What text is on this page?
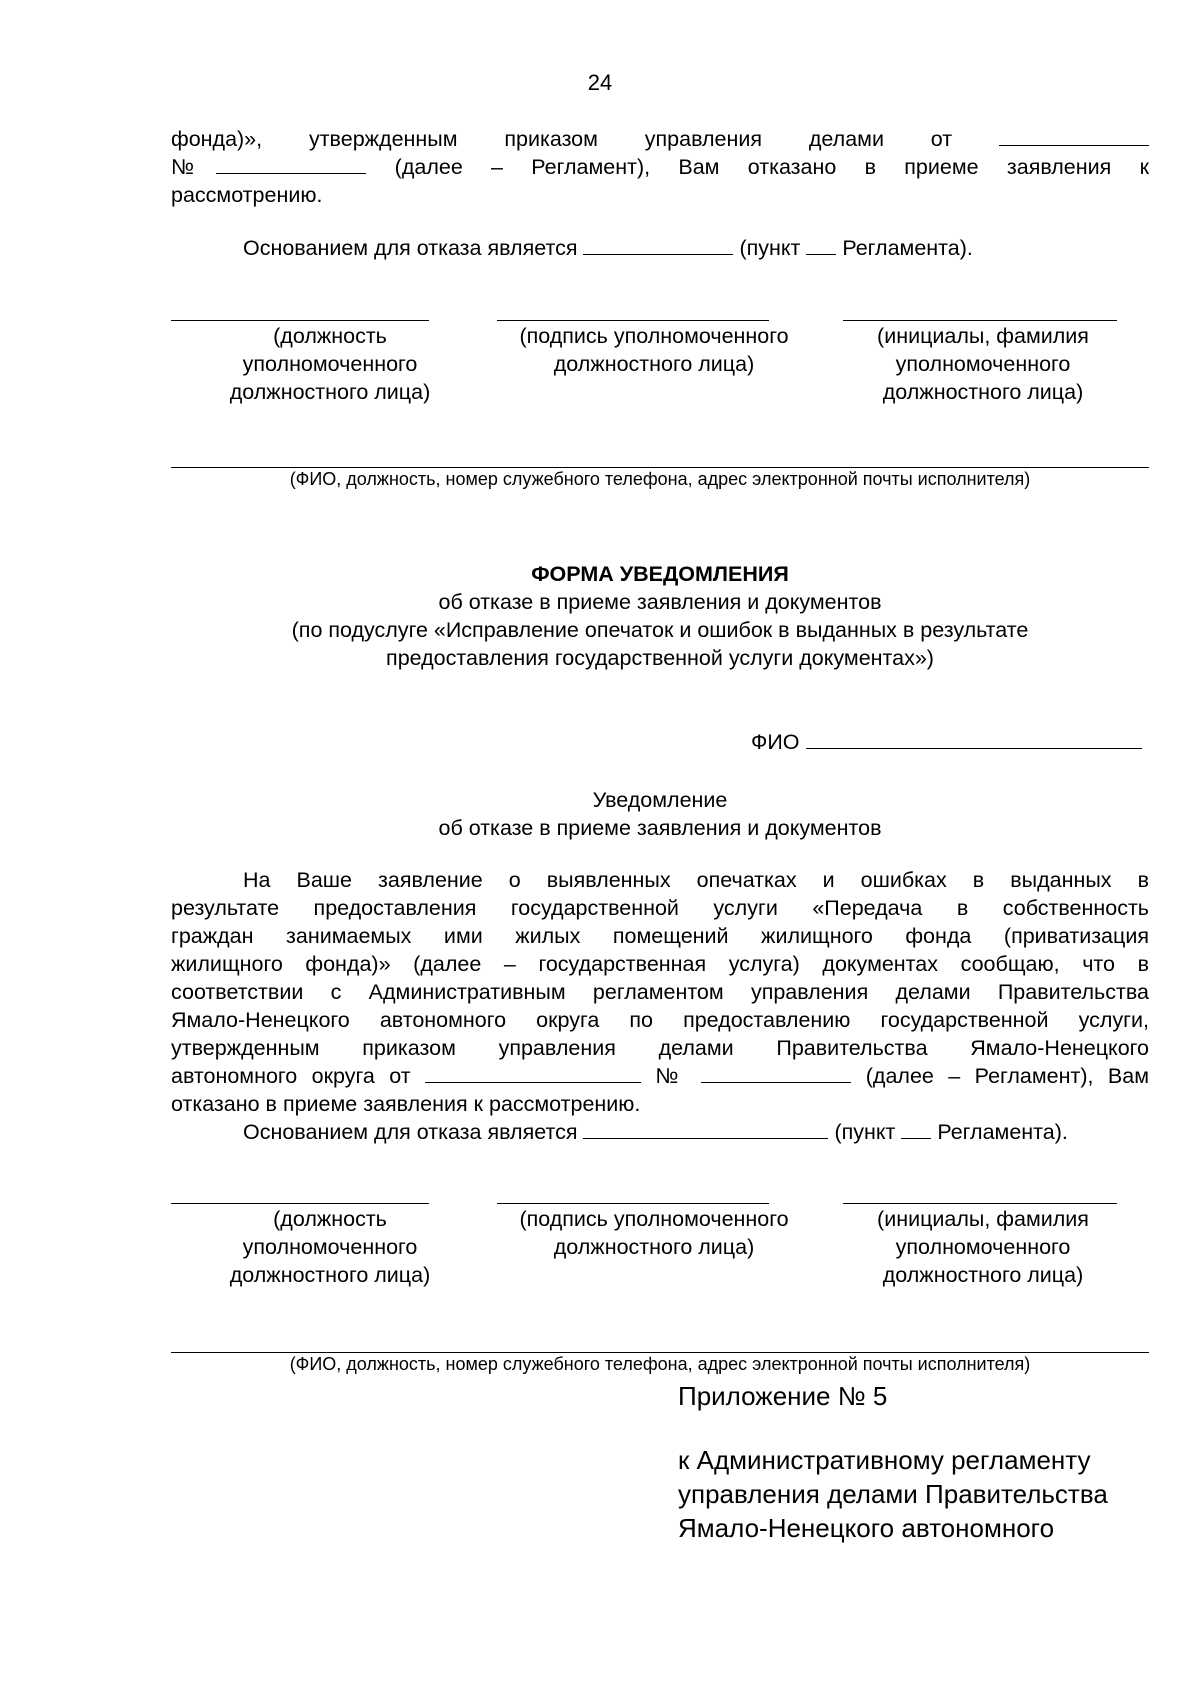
24
фонда)», утвержденным приказом управления делами от
№	(далее – Регламент), Вам отказано в приеме заявления к
рассмотрению.
Основанием для отказа является	(пункт Регламента).
(должность уполномоченного должностного лица)
(подпись уполномоченного должностного лица)
(инициалы, фамилия уполномоченного должностного лица)
(ФИО, должность, номер служебного телефона, адрес электронной почты исполнителя)
ФОРМА УВЕДОМЛЕНИЯ
об отказе в приеме заявления и документов
(по подуслуге «Исправление опечаток и ошибок в выданных в результате предоставления государственной услуги документах»)
ФИО
Уведомление
об отказе в приеме заявления и документов
На Ваше заявление о выявленных опечатках и ошибках в выданных в
результате предоставления государственной услуги «Передача в собственность
граждан занимаемых ими жилых помещений жилищного фонда (приватизация
жилищного фонда)» (далее – государственная услуга) документах сообщаю, что в
соответствии с Административным регламентом управления делами Правительства
Ямало-Ненецкого автономного округа по предоставлению государственной услуги,
утвержденным приказом управления делами Правительства Ямало-Ненецкого
автономного округа от	№	(далее – Регламент), Вам
отказано в приеме заявления к рассмотрению.
Основанием для отказа является	(пункт Регламента).
(должность уполномоченного должностного лица)
(подпись уполномоченного должностного лица)
(инициалы, фамилия уполномоченного должностного лица)
(ФИО, должность, номер служебного телефона, адрес электронной почты исполнителя)
Приложение № 5
к Административному регламенту
управления делами Правительства
Ямало-Ненецкого автономного
